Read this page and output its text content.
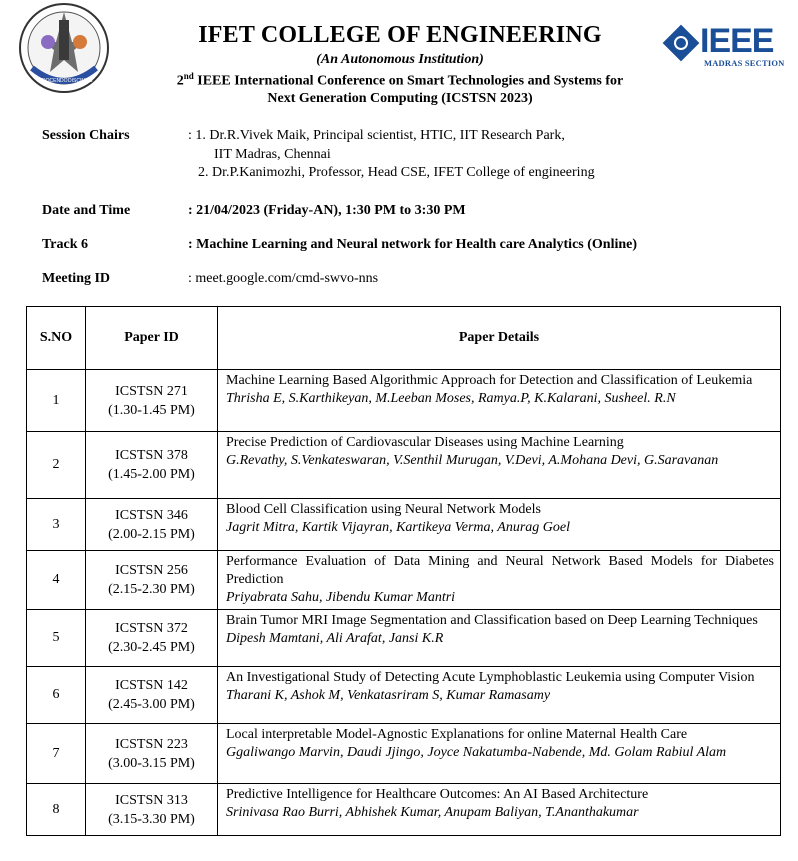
DOCENDO DISCIMUS
IFET COLLEGE OF ENGINEERING
(An Autonomous Institution)
2nd IEEE International Conference on Smart Technologies and Systems for
Next Generation Computing (ICSTSN 2023)
IEEE
MADRAS SECTION
Session Chairs	: 1. Dr.R.Vivek Maik, Principal scientist, HTIC, IIT Research Park,
IIT Madras, Chennai
2. Dr.P.Kanimozhi, Professor, Head CSE, IFET College of engineering
Date and Time	: 21/04/2023 (Friday-AN), 1:30 PM to 3:30 PM
Track 6	: Machine Learning and Neural network for Health care Analytics (Online)
Meeting ID	: meet.google.com/cmd-swvo-nns
S.NO	Paper ID	Paper Details
1	ICSTSN 271
(1.30-1.45 PM)	Machine Learning Based Algorithmic Approach for Detection and Classification of Leukemia
Thrisha E, S.Karthikeyan, M.Leeban Moses, Ramya.P, K.Kalarani, Susheel. R.N

2	ICSTSN 378
(1.45-2.00 PM)	Precise Prediction of Cardiovascular Diseases using Machine Learning
G.Revathy, S.Venkateswaran, V.Senthil Murugan, V.Devi, A.Mohana Devi, G.Saravanan

3	ICSTSN 346
(2.00-2.15 PM)	Blood Cell Classification using Neural Network Models
Jagrit Mitra, Kartik Vijayran, Kartikeya Verma, Anurag Goel

4	ICSTSN 256
(2.15-2.30 PM)	Performance Evaluation of Data Mining and Neural Network Based Models for Diabetes Prediction
Priyabrata Sahu, Jibendu Kumar Mantri

5	ICSTSN 372
(2.30-2.45 PM)	Brain Tumor MRI Image Segmentation and Classification based on Deep Learning Techniques
Dipesh Mamtani, Ali Arafat, Jansi K.R

6	ICSTSN 142
(2.45-3.00 PM)	An Investigational Study of Detecting Acute Lymphoblastic Leukemia using Computer Vision
Tharani K, Ashok M, Venkatasriram S, Kumar Ramasamy

7	ICSTSN 223
(3.00-3.15 PM)	Local interpretable Model-Agnostic Explanations for online Maternal Health Care
Ggaliwango Marvin, Daudi Jjingo, Joyce Nakatumba-Nabende, Md. Golam Rabiul Alam

8	ICSTSN 313
(3.15-3.30 PM)	Predictive Intelligence for Healthcare Outcomes: An AI Based Architecture
Srinivasa Rao Burri, Abhishek Kumar, Anupam Baliyan, T.Ananthakumar
